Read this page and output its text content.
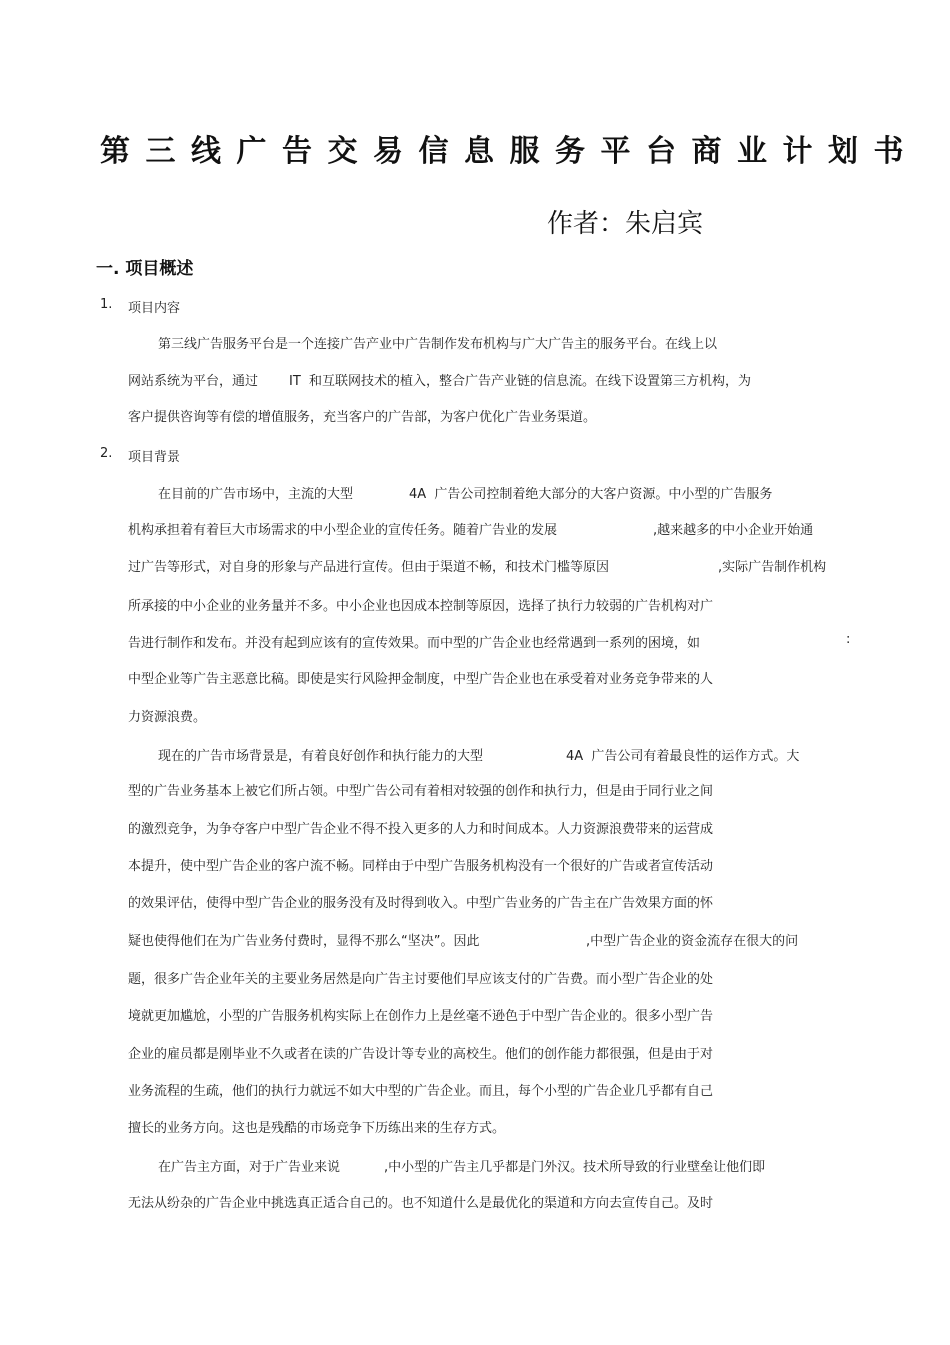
第三线广告交易信息服务平台商业计划书
作者：朱启宾
一. 项目概述
1. 项目内容
第三线广告服务平台是一个连接广告产业中广告制作发布机构与广大广告主的服务平台。在线上以
网站系统为平台，通过 IT  和互联网技术的植入，整合广告产业链的信息流。在线下设置第三方机构，为
客户提供咨询等有偿的增值服务，充当客户的广告部，为客户优化广告业务渠道。
2. 项目背景
在目前的广告市场中，主流的大型	4A  广告公司控制着绝大部分的大客户资源。中小型的广告服务
机构承担着有着巨大市场需求的中小型企业的宣传任务。随着广告业的发展	,越来越多的中小企业开始通
过广告等形式，对自身的形象与产品进行宣传。但由于渠道不畅，和技术门槛等原因	,实际广告制作机构
所承接的中小企业的业务量并不多。中小企业也因成本控制等原因，选择了执行力较弱的广告机构对广
告进行制作和发布。并没有起到应该有的宣传效果。而中型的广告企业也经常遇到一系列的困境，如	:
中型企业等广告主恶意比稿。即使是实行风险押金制度，中型广告企业也在承受着对业务竞争带来的人
力资源浪费。
现在的广告市场背景是，有着良好创作和执行能力的大型	4A  广告公司有着最良性的运作方式。大
型的广告业务基本上被它们所占领。中型广告公司有着相对较强的创作和执行力，但是由于同行业之间
的激烈竞争，为争夺客户中型广告企业不得不投入更多的人力和时间成本。人力资源浪费带来的运营成
本提升，使中型广告企业的客户流不畅。同样由于中型广告服务机构没有一个很好的广告或者宣传活动
的效果评估，使得中型广告企业的服务没有及时得到收入。中型广告业务的广告主在广告效果方面的怀
疑也使得他们在为广告业务付费时，显得不那么“坚决”。因此	,中型广告企业的资金流存在很大的问
题，很多广告企业年关的主要业务居然是向广告主讨要他们早应该支付的广告费。而小型广告企业的处
境就更加尴尬，小型的广告服务机构实际上在创作力上是丝毫不逊色于中型广告企业的。很多小型广告
企业的雇员都是刚毕业不久或者在读的广告设计等专业的高校生。他们的创作能力都很强，但是由于对
业务流程的生疏，他们的执行力就远不如大中型的广告企业。而且，每个小型的广告企业几乎都有自己
擅长的业务方向。这也是残酷的市场竞争下历练出来的生存方式。
在广告主方面，对于广告业来说	,中小型的广告主几乎都是门外汉。技术所导致的行业壁垒让他们即
无法从纷杂的广告企业中挑选真正适合自己的。也不知道什么是最优化的渠道和方向去宣传自己。及时
